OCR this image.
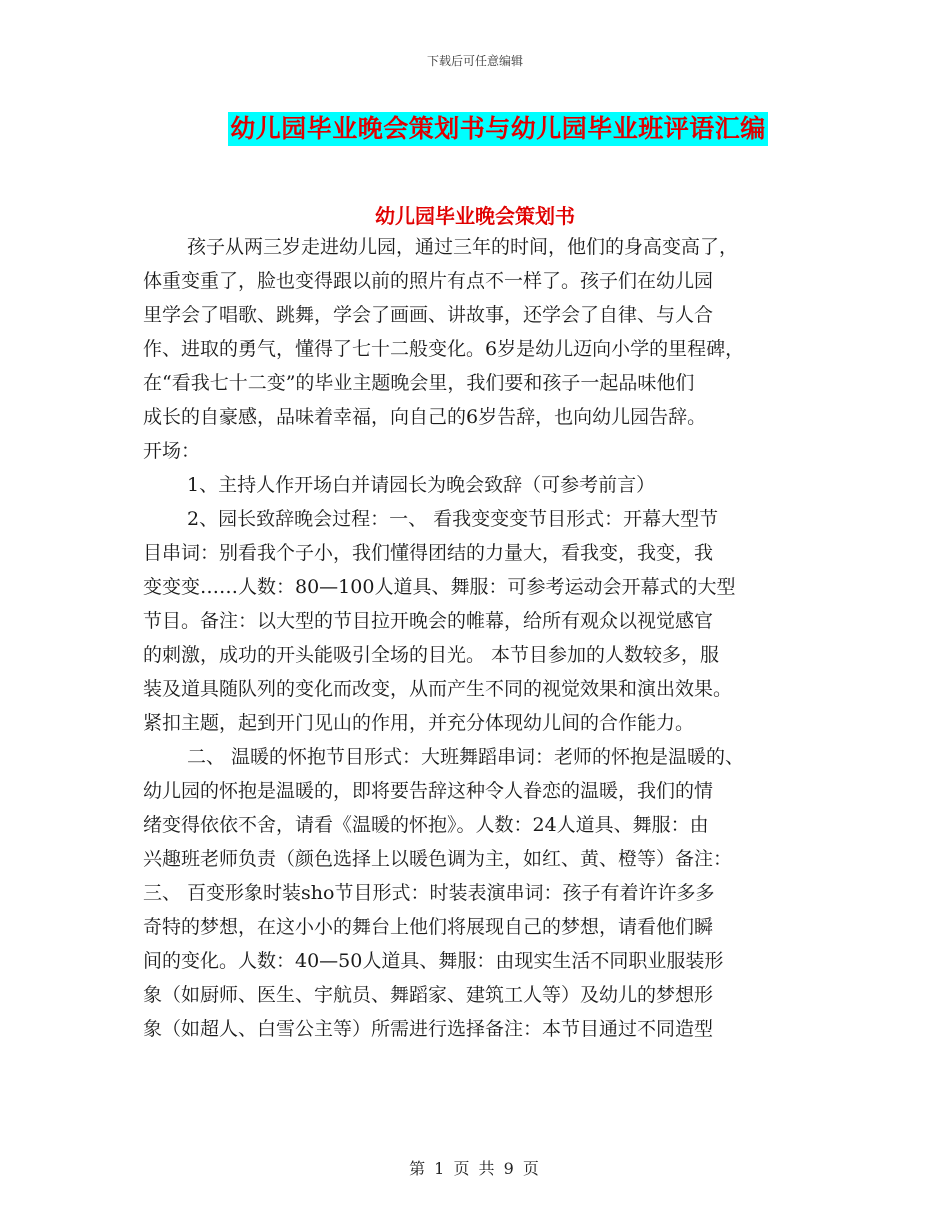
下载后可任意编辑
幼儿园毕业晚会策划书与幼儿园毕业班评语汇编
幼儿园毕业晚会策划书

孩子从两三岁走进幼儿园，通过三年的时间，他们的身高变高了，

体重变重了，脸也变得跟以前的照片有点不一样了。孩子们在幼儿园

里学会了唱歌、跳舞，学会了画画、讲故事，还学会了自律、与人合

作、进取的勇气，懂得了七十二般变化。6岁是幼儿迈向小学的里程碑，

在“看我七十二变”的毕业主题晚会里，我们要和孩子一起品味他们

成长的自豪感，品味着幸福，向自己的6岁告辞，也向幼儿园告辞。

开场：

1、主持人作开场白并请园长为晚会致辞（可参考前言）

2、园长致辞晚会过程：一、 看我变变变节目形式：开幕大型节

目串词：别看我个子小，我们懂得团结的力量大，看我变，我变，我

变变变……人数：80—100人道具、舞服：可参考运动会开幕式的大型

节目。备注：以大型的节目拉开晚会的帷幕，给所有观众以视觉感官

的刺激，成功的开头能吸引全场的目光。 本节目参加的人数较多，服

装及道具随队列的变化而改变，从而产生不同的视觉效果和演出效果。

紧扣主题，起到开门见山的作用，并充分体现幼儿间的合作能力。

二、 温暖的怀抱节目形式：大班舞蹈串词：老师的怀抱是温暖的、

幼儿园的怀抱是温暖的，即将要告辞这种令人眷恋的温暖，我们的情

绪变得依依不舍，请看《温暖的怀抱》。人数：24人道具、舞服：由

兴趣班老师负责（颜色选择上以暖色调为主，如红、黄、橙等）备注：

三、 百变形象时装sho节目形式：时装表演串词：孩子有着许许多多

奇特的梦想，在这小小的舞台上他们将展现自己的梦想，请看他们瞬

间的变化。人数：40—50人道具、舞服：由现实生活不同职业服装形

象（如厨师、医生、宇航员、舞蹈家、建筑工人等）及幼儿的梦想形

象（如超人、白雪公主等）所需进行选择备注：本节目通过不同造型

第 1 页 共 9 页
